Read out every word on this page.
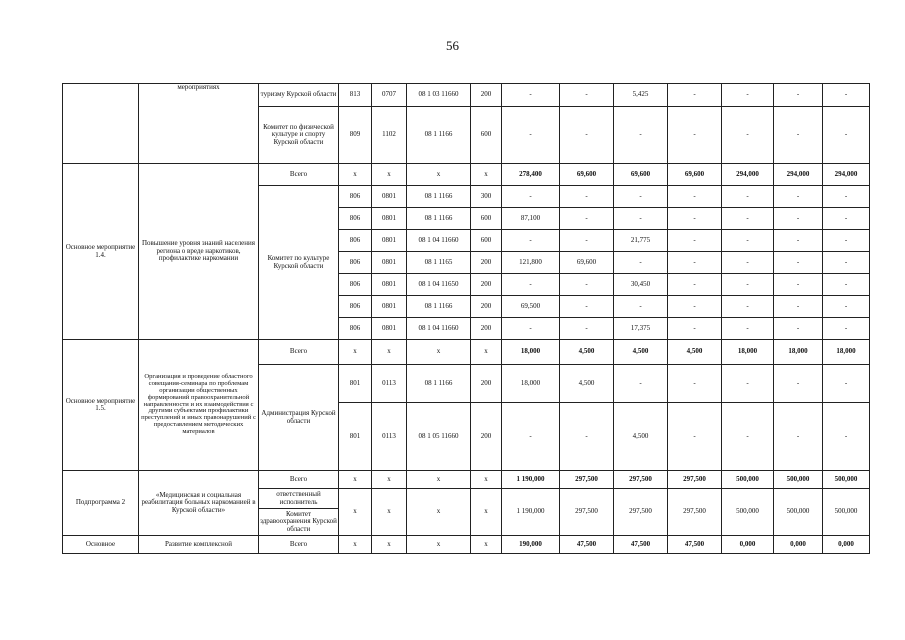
56
	мероприятиях	туризму Курской области	813	0707	08 1 03 11660	200	-	-	5,425	-	-	-	-
		Комитет по физической культуре и спорту Курской области	809	1102	08 1 1166	600	-	-	-	-	-	-	-
Основное мероприятие 1.4.	Повышение уровня знаний населения региона о вреде наркотиков, профилактике наркомании	Всего	x	x	x	x	278,400	69,600	69,600	69,600	294,000	294,000	294,000
		Комитет по культуре Курской области	806	0801	08 1 1166	300	-	-	-	-	-	-	-
			806	0801	08 1 1166	600	87,100	-	-	-	-	-	-
			806	0801	08 1 04 11660	600	-	-	21,775	-	-	-	-
			806	0801	08 1 1165	200	121,800	69,600	-	-	-	-	-
			806	0801	08 1 04 11650	200	-	-	30,450	-	-	-	-
			806	0801	08 1 1166	200	69,500	-	-	-	-	-	-
			806	0801	08 1 04 11660	200	-	-	17,375	-	-	-	-
Основное мероприятие 1.5.	Организация и проведение областного совещания-семинара по проблемам организации общественных формирований правоохранительной направленности и их взаимодействия с другими субъектами профилактики преступлений и иных правонарушений с предоставлением методических материалов	Всего	x	x	x	x	18,000	4,500	4,500	4,500	18,000	18,000	18,000
		Администрация Курской области	801	0113	08 1 1166	200	18,000	4,500	-	-	-	-	-
			801	0113	08 1 05 11660	200	-	-	4,500	-	-	-	-
Подпрограмма 2	«Медицинская и социальная реабилитация больных наркоманией в Курской области»	Всего	x	x	x	x	1 190,000	297,500	297,500	297,500	500,000	500,000	500,000
		ответственный исполнитель	x	x	x	x	1 190,000	297,500	297,500	297,500	500,000	500,000	500,000
		Комитет здравоохранения Курской области											
Основное	Развитие комплексной	Всего	x	x	x	x	190,000	47,500	47,500	47,500	0,000	0,000	0,000
